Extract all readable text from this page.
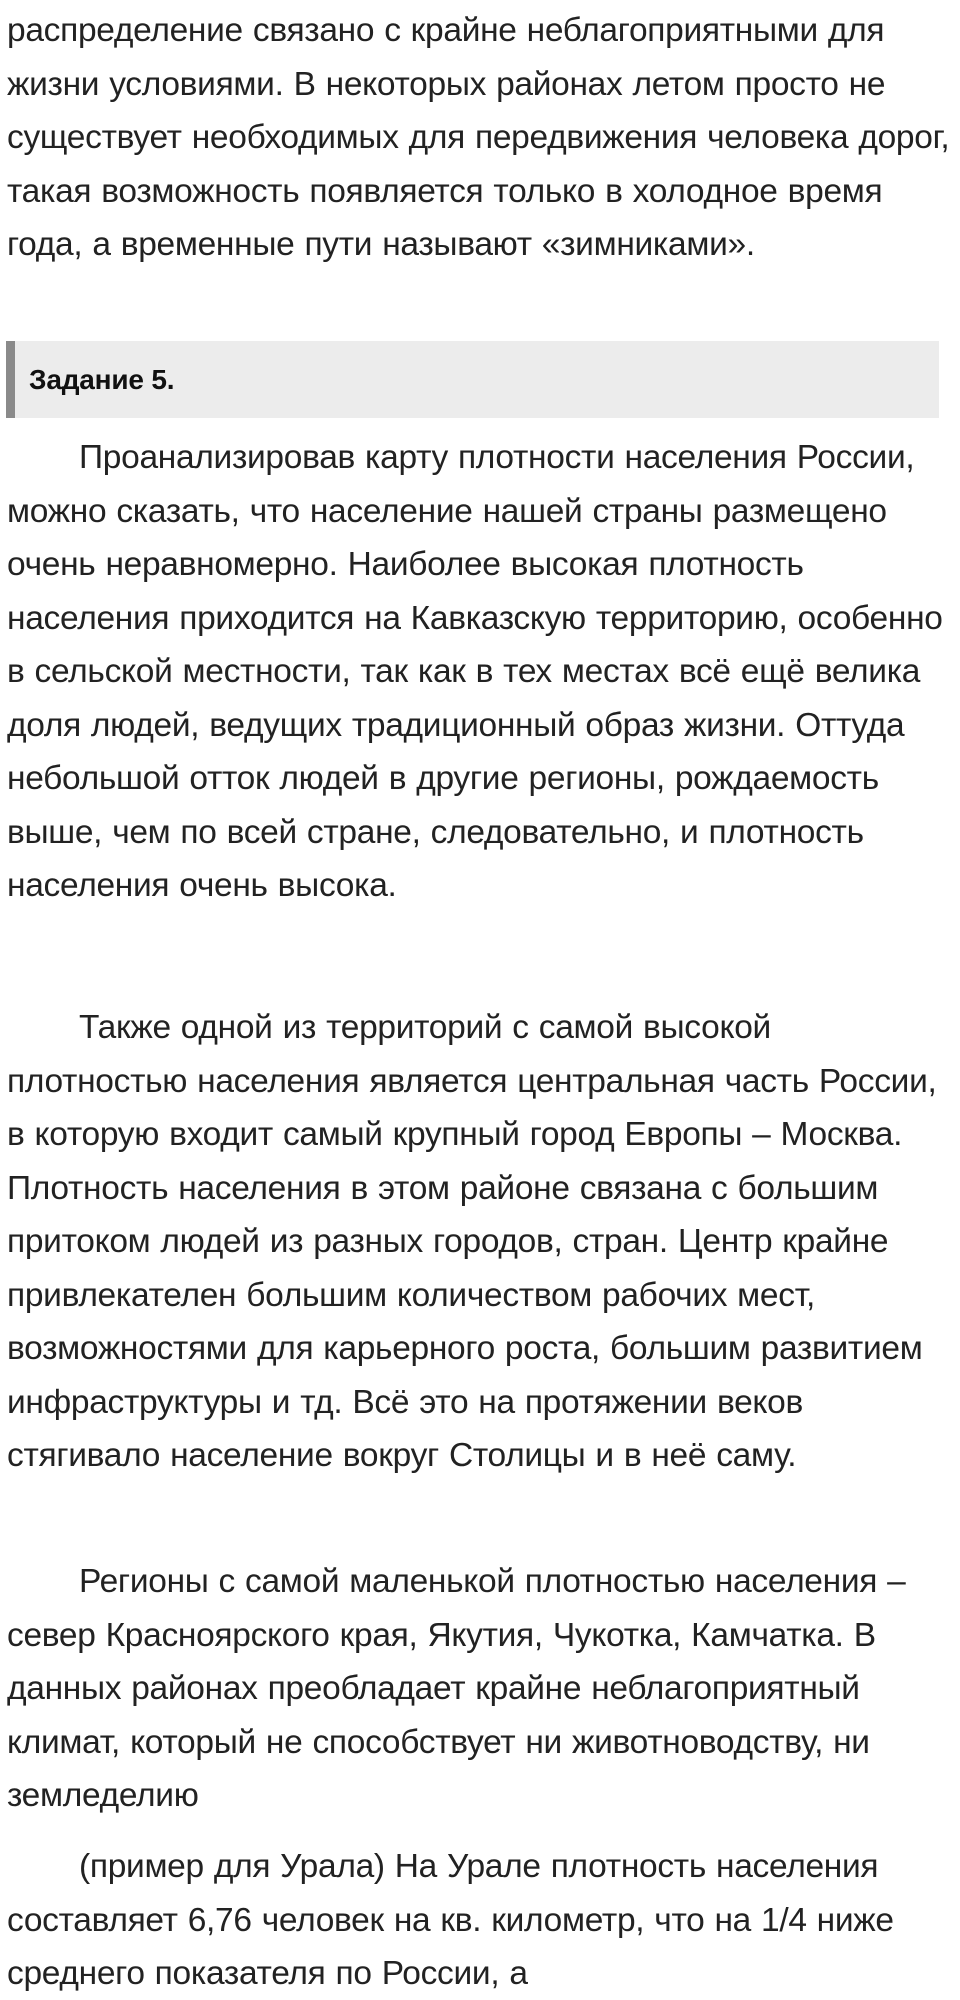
распределение связано с крайне неблагоприятными для жизни условиями. В некоторых районах летом просто не существует необходимых для передвижения человека дорог, такая возможность появляется только в холодное время года, а временные пути называют «зимниками».

Задание 5.

Проанализировав карту плотности населения России, можно сказать, что население нашей страны размещено очень неравномерно. Наиболее высокая плотность населения приходится на Кавказскую территорию, особенно в сельской местности, так как в тех местах всё ещё велика доля людей, ведущих традиционный образ жизни. Оттуда небольшой отток людей в другие регионы, рождаемость выше, чем по всей стране, следовательно, и плотность населения очень высока.

Также одной из территорий с самой высокой плотностью населения является центральная часть России, в которую входит самый крупный город Европы – Москва. Плотность населения в этом районе связана с большим притоком людей из разных городов, стран. Центр крайне привлекателен большим количеством рабочих мест, возможностями для карьерного роста, большим развитием инфраструктуры и тд. Всё это на протяжении веков стягивало население вокруг Столицы и в неё саму.

Регионы с самой маленькой плотностью населения – север Красноярского края, Якутия, Чукотка, Камчатка. В данных районах преобладает крайне неблагоприятный климат, который не способствует ни животноводству, ни земледелию

(пример для Урала) На Урале плотность населения составляет 6,76 человек на кв. километр, что на 1/4 ниже среднего показателя по России, а
